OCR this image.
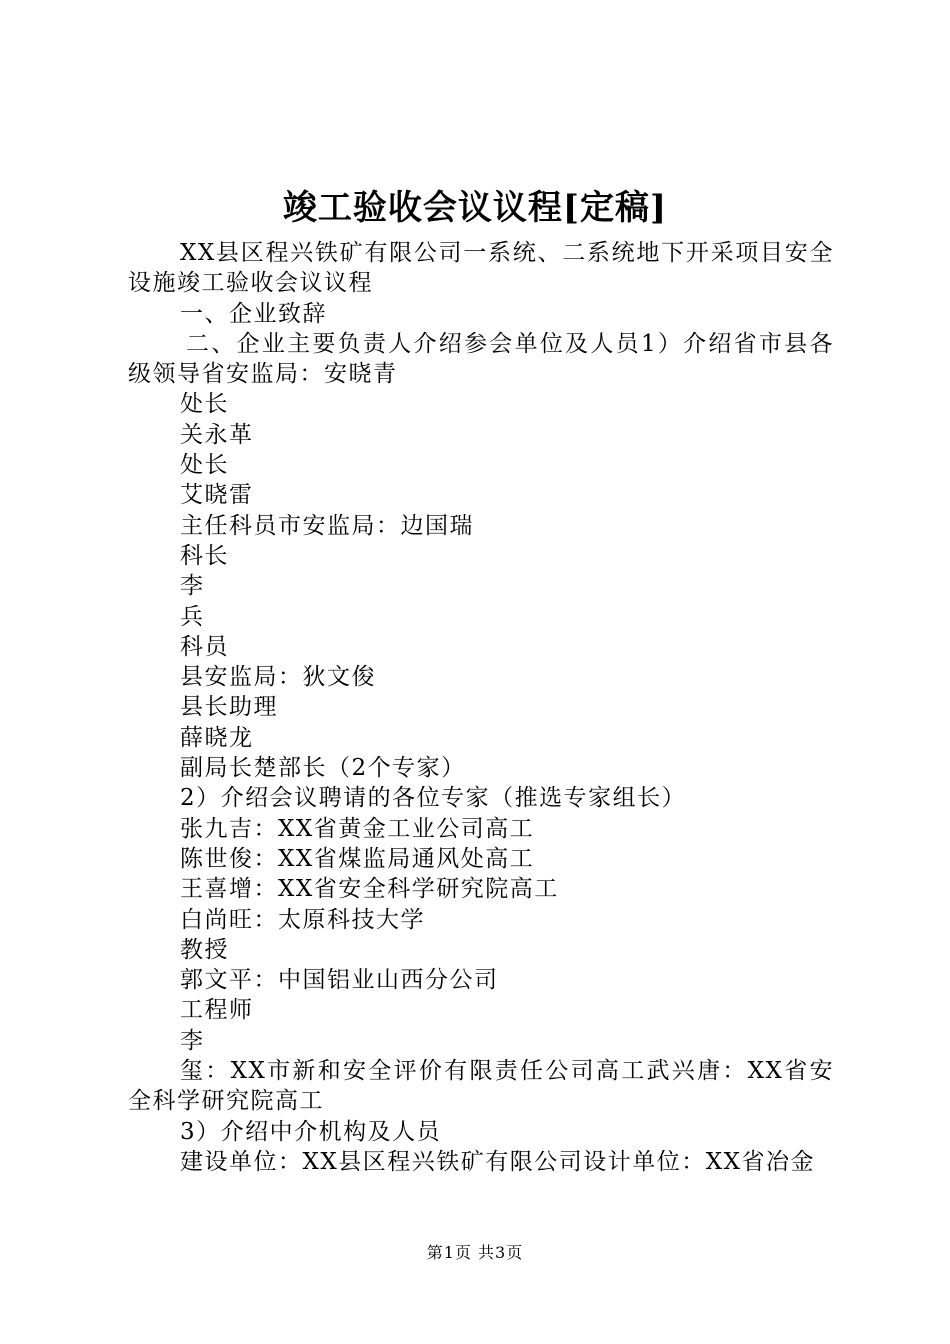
竣工验收会议议程[定稿]

XX县区程兴铁矿有限公司一系统、二系统地下开采项目安全设施竣工验收会议议程

一、企业致辞

二、企业主要负责人介绍参会单位及人员1）介绍省市县各级领导省安监局：安晓青

处长

关永革

处长

艾晓雷

主任科员市安监局：边国瑞

科长

李

兵

科员

县安监局：狄文俊

县长助理

薛晓龙

副局长楚部长（2个专家）

2）介绍会议聘请的各位专家（推选专家组长）

张九吉：XX省黄金工业公司高工

陈世俊：XX省煤监局通风处高工

王喜增：XX省安全科学研究院高工

白尚旺：太原科技大学

教授

郭文平：中国铝业山西分公司

工程师

李

玺：XX市新和安全评价有限责任公司高工武兴唐：XX省安全科学研究院高工

3）介绍中介机构及人员

建设单位：XX县区程兴铁矿有限公司设计单位：XX省冶金

第1页 共3页
